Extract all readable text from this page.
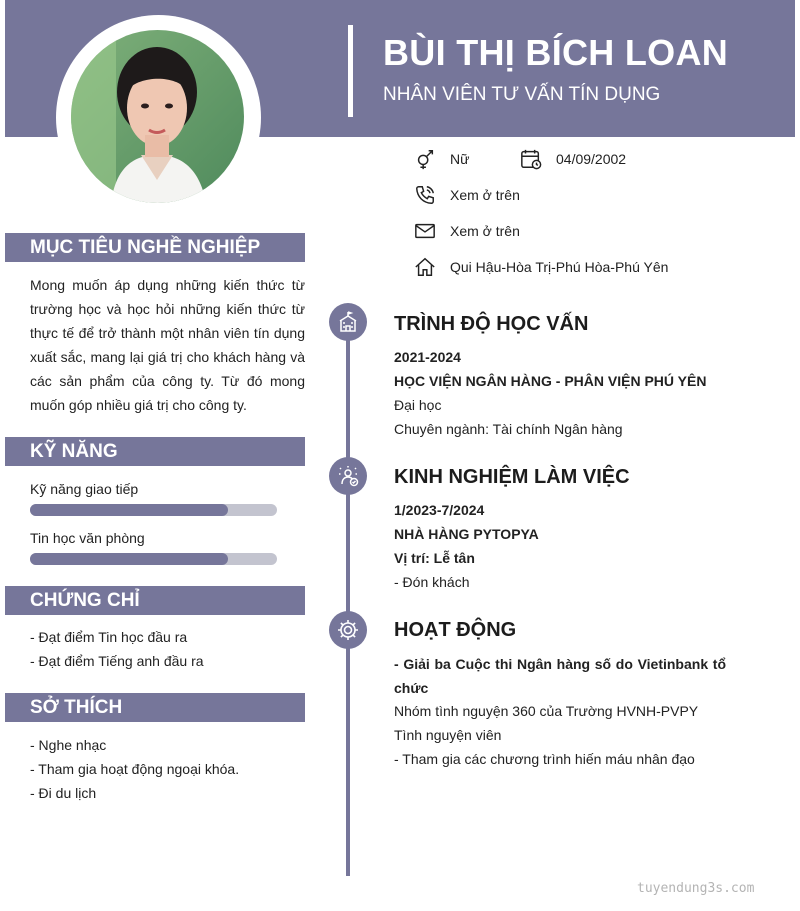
BÙI THỊ BÍCH LOAN
NHÂN VIÊN TƯ VẤN TÍN DỤNG
Nữ	04/09/2002
Xem ở trên
Xem ở trên
Qui Hậu-Hòa Trị-Phú Hòa-Phú Yên
MỤC TIÊU NGHỀ NGHIỆP
Mong muốn áp dụng những kiến thức từ trường học và học hỏi những kiến thức từ thực tế để trở thành một nhân viên tín dụng xuất sắc, mang lại giá trị cho khách hàng và các sản phẩm của công ty. Từ đó mong muốn góp nhiều giá trị cho công ty.
KỸ NĂNG
Kỹ năng giao tiếp
Tin học văn phòng
CHỨNG CHỈ
- Đạt điểm Tin học đầu ra
- Đạt điểm Tiếng anh đầu ra
SỞ THÍCH
- Nghe nhạc
- Tham gia hoạt động ngoại khóa.
- Đi du lịch
TRÌNH ĐỘ HỌC VẤN
2021-2024
HỌC VIỆN NGÂN HÀNG - PHÂN VIỆN PHÚ YÊN
Đại học
Chuyên ngành: Tài chính Ngân hàng
KINH NGHIỆM LÀM VIỆC
1/2023-7/2024
NHÀ HÀNG PYTOPYA
Vị trí: Lễ tân
- Đón khách
HOẠT ĐỘNG
- Giải ba Cuộc thi Ngân hàng số do Vietinbank tổ chức
Nhóm tình nguyện 360 của Trường HVNH-PVPY
Tình nguyện viên
- Tham gia các chương trình hiến máu nhân đạo
tuyendung3s.com
